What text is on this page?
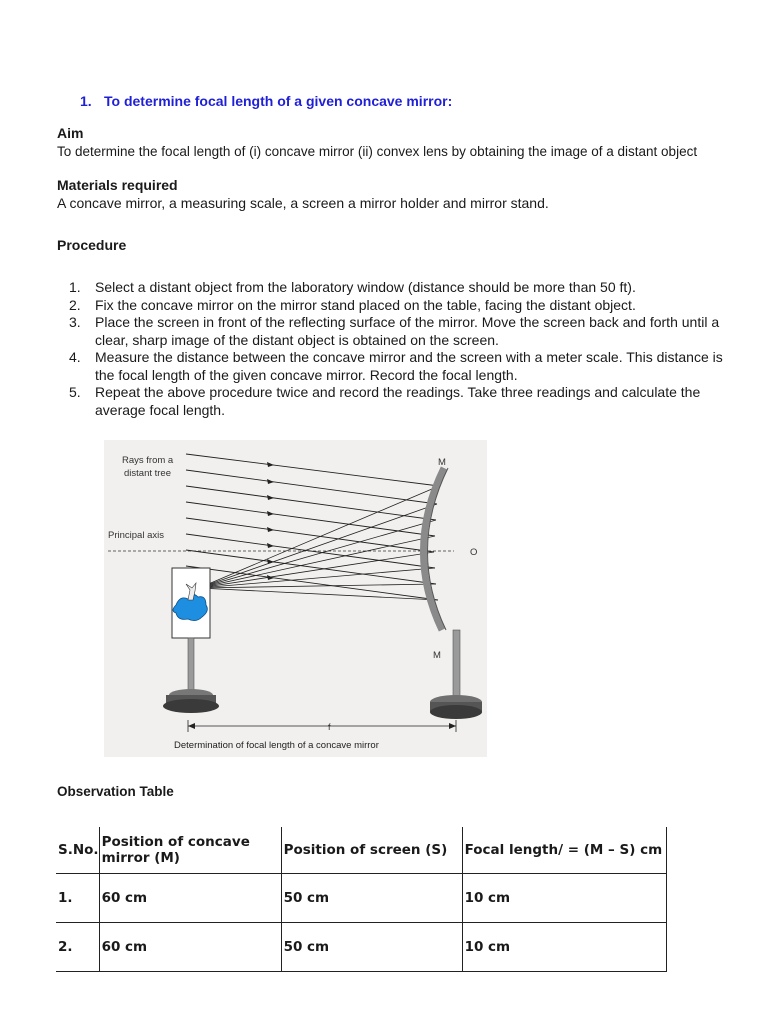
1. To determine focal length of a given concave mirror:
Aim
To determine the focal length of (i) concave mirror (ii) convex lens by obtaining the image of a distant object
Materials required
A concave mirror, a measuring scale, a screen a mirror holder and mirror stand.
Procedure
1. Select a distant object from the laboratory window (distance should be more than 50 ft).
2. Fix the concave mirror on the mirror stand placed on the table, facing the distant object.
3. Place the screen in front of the reflecting surface of the mirror. Move the screen back and forth until a clear, sharp image of the distant object is obtained on the screen.
4. Measure the distance between the concave mirror and the screen with a meter scale. This distance is the focal length of the given concave mirror. Record the focal length.
5. Repeat the above procedure twice and record the readings. Take three readings and calculate the average focal length.
Rays from a
distant tree
Principal axis
M
M
O
f
Determination of focal length of a concave mirror
Observation Table
S.No.	Position of concave mirror (M)	Position of screen (S)	Focal length/ = (M – S) cm
1.	60 cm	50 cm	10 cm
2.	60 cm	50 cm	10 cm
